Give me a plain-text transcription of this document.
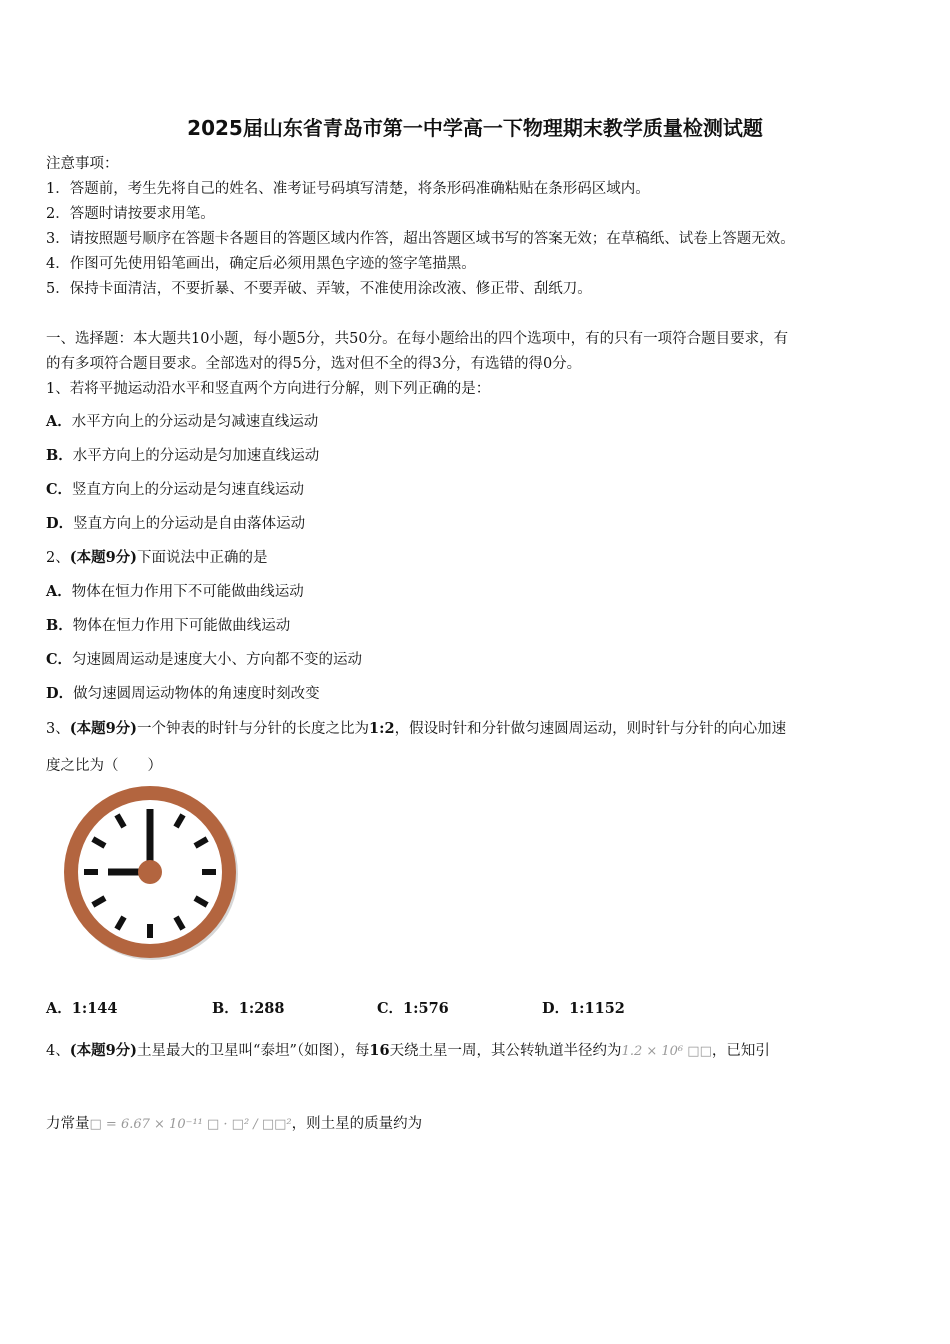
2025届山东省青岛市第一中学高一下物理期末教学质量检测试题
注意事项：
1．答题前，考生先将自己的姓名、准考证号码填写清楚，将条形码准确粘贴在条形码区域内。
2．答题时请按要求用笔。
3．请按照题号顺序在答题卡各题目的答题区域内作答，超出答题区域书写的答案无效；在草稿纸、试卷上答题无效。
4．作图可先使用铅笔画出，确定后必须用黑色字迹的签字笔描黑。
5．保持卡面清洁，不要折暴、不要弄破、弄皱，不准使用涂改液、修正带、刮纸刀。
一、选择题：本大题共10小题，每小题5分，共50分。在每小题给出的四个选项中，有的只有一项符合题目要求，有
的有多项符合题目要求。全部选对的得5分，选对但不全的得3分，有选错的得0分。
1、若将平抛运动沿水平和竖直两个方向进行分解，则下列正确的是：
A．水平方向上的分运动是匀减速直线运动
B．水平方向上的分运动是匀加速直线运动
C．竖直方向上的分运动是匀速直线运动
D．竖直方向上的分运动是自由落体运动
2、(本题9分)下面说法中正确的是
A．物体在恒力作用下不可能做曲线运动
B．物体在恒力作用下可能做曲线运动
C．匀速圆周运动是速度大小、方向都不变的运动
D．做匀速圆周运动物体的角速度时刻改变
3、(本题9分)一个钟表的时针与分针的长度之比为1:2，假设时针和分针做匀速圆周运动，则时针与分针的向心加速
度之比为（　　）
A．1:144	B．1:288	C．1:576	D．1:1152
4、(本题9分)土星最大的卫星叫“泰坦”（如图），每16天绕土星一周，其公转轨道半径约为1.2 × 10⁶ □□，已知引
力常量□ = 6.67 × 10⁻¹¹ □ · □² / □□²，则土星的质量约为
